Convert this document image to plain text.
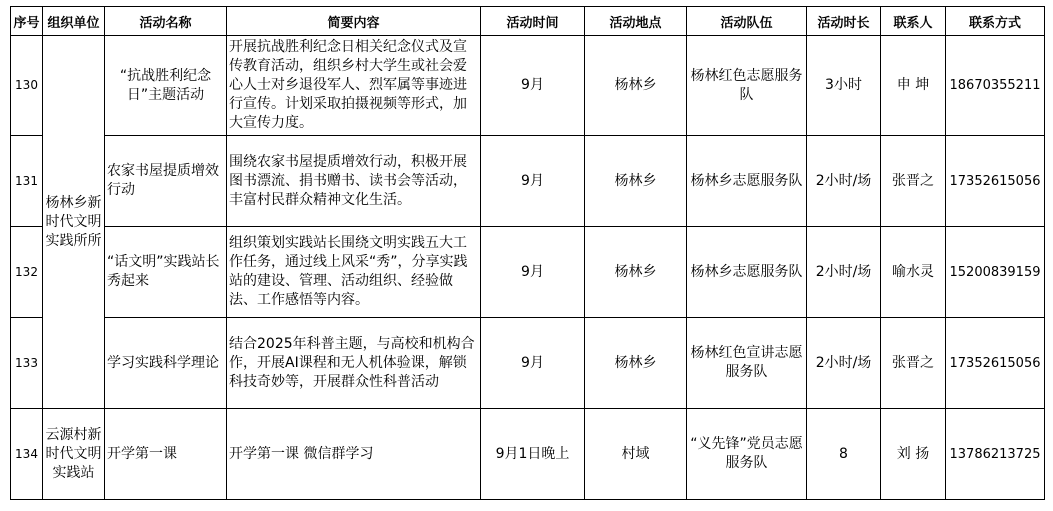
序号	组织单位	活动名称	简要内容	活动时间	活动地点	活动队伍	活动时长	联系人	联系方式
130	杨林乡新时代文明实践所所	“抗战胜利纪念日”主题活动	开展抗战胜利纪念日相关纪念仪式及宣传教育活动，组织乡村大学生或社会爱心人士对乡退役军人、烈军属等事迹进行宣传。计划采取拍摄视频等形式，加大宣传力度。	9月	杨林乡	杨林红色志愿服务队	3小时	申 坤	18670355211
131		农家书屋提质增效行动	围绕农家书屋提质增效行动，积极开展图书漂流、捐书赠书、读书会等活动，丰富村民群众精神文化生活。	9月	杨林乡	杨林乡志愿服务队	2小时/场	张晋之	17352615056
132		“话文明”实践站长秀起来	组织策划实践站长围绕文明实践五大工作任务，通过线上风采“秀”，分享实践站的建设、管理、活动组织、经验做法、工作感悟等内容。	9月	杨林乡	杨林乡志愿服务队	2小时/场	喻水灵	15200839159
133		学习实践科学理论	结合2025年科普主题，与高校和机构合作，开展AI课程和无人机体验课，解锁科技奇妙等，开展群众性科普活动	9月	杨林乡	杨林红色宣讲志愿服务队	2小时/场	张晋之	17352615056
134	云源村新时代文明实践站	开学第一课	开学第一课 微信群学习	9月1日晚上	村域	“义先锋”党员志愿服务队	8	刘 扬	13786213725
